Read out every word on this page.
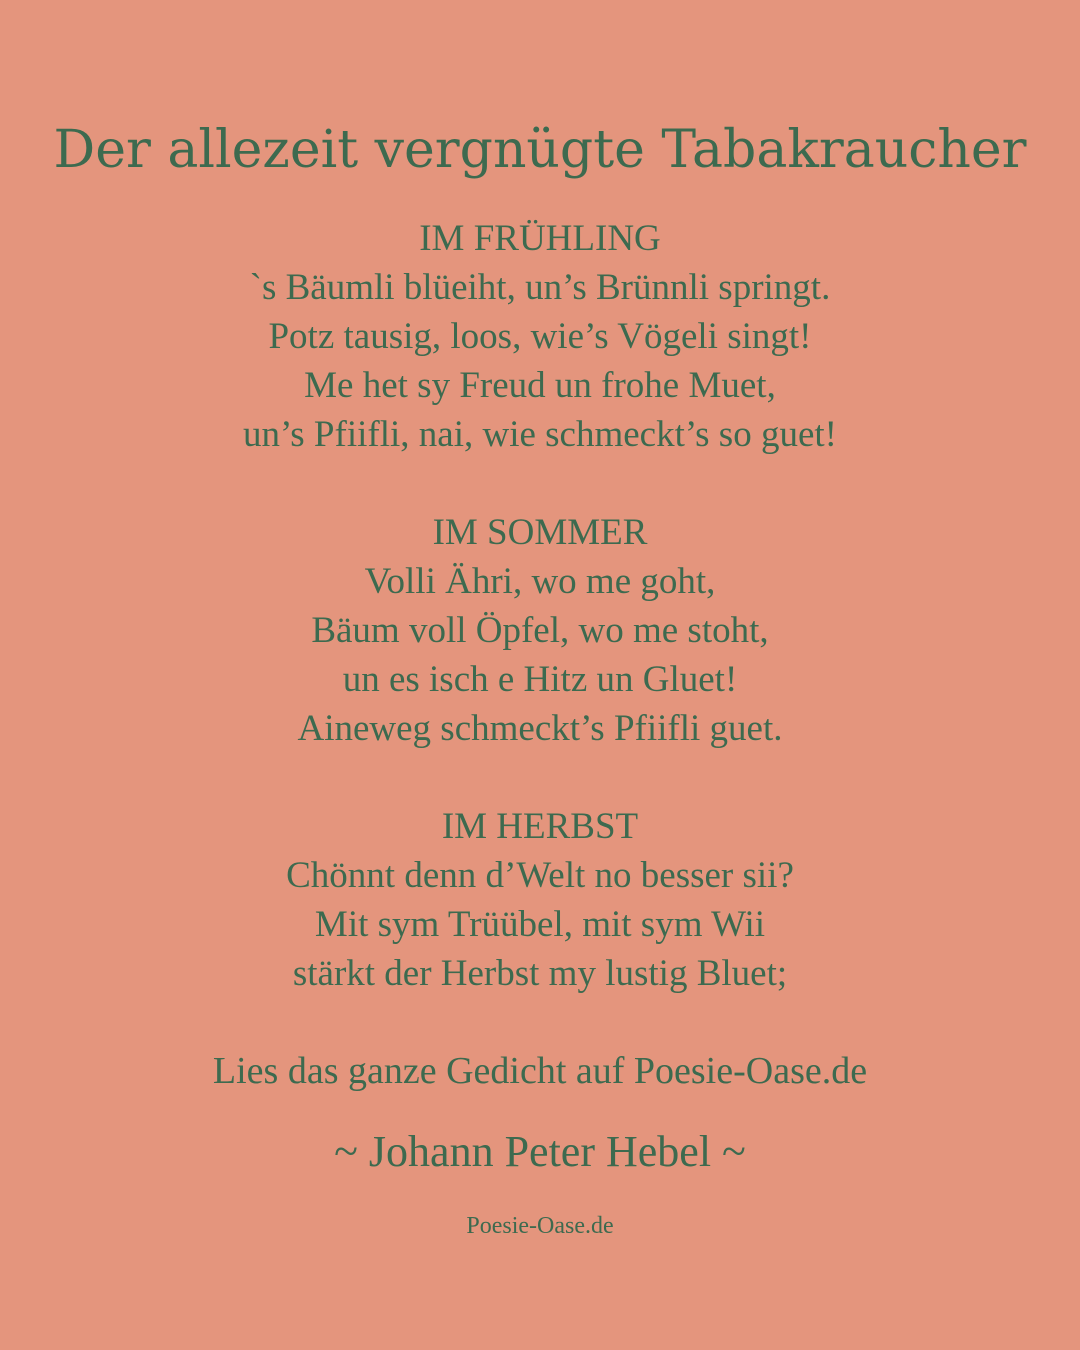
Der allezeit vergnügte Tabakraucher
IM FRÜHLING
`s Bäumli blüeiht, un’s Brünnli springt.
Potz tausig, loos, wie’s Vögeli singt!
Me het sy Freud un frohe Muet,
un’s Pfiifli, nai, wie schmeckt’s so guet!
IM SOMMER
Volli Ähri, wo me goht,
Bäum voll Öpfel, wo me stoht,
un es isch e Hitz un Gluet!
Aineweg schmeckt’s Pfiifli guet.
IM HERBST
Chönnt denn d’Welt no besser sii?
Mit sym Trüübel, mit sym Wii
stärkt der Herbst my lustig Bluet;
Lies das ganze Gedicht auf Poesie-Oase.de
~ Johann Peter Hebel ~
Poesie-Oase.de
